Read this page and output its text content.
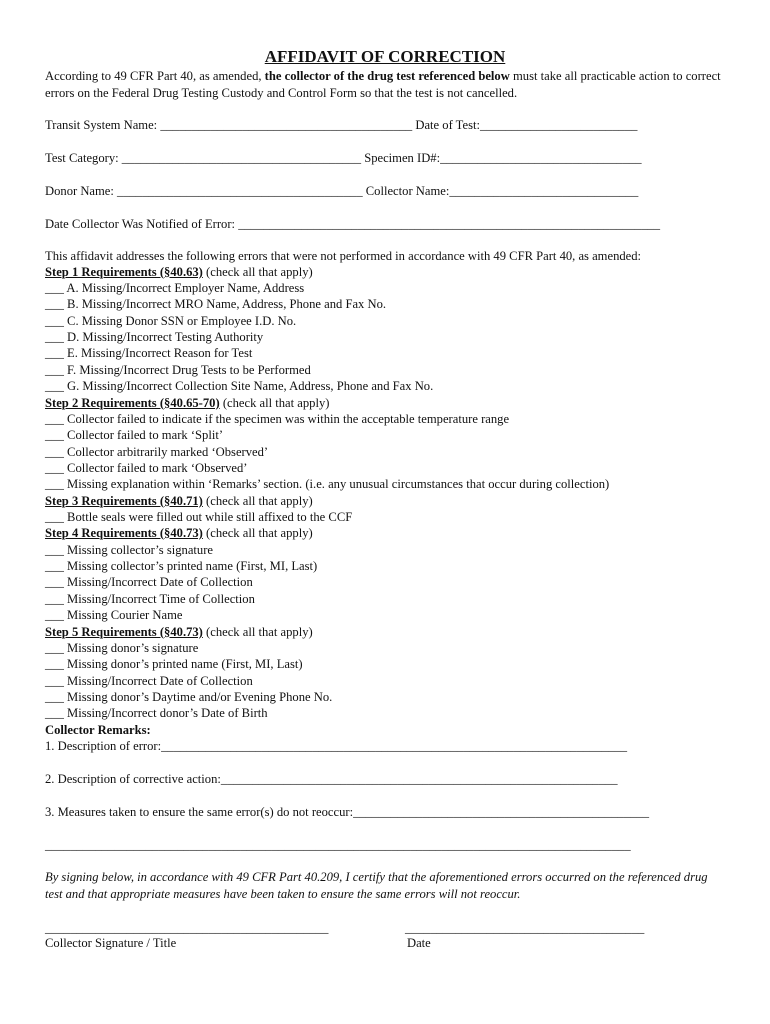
AFFIDAVIT OF CORRECTION
According to 49 CFR Part 40, as amended, the collector of the drug test referenced below must take all practicable action to correct errors on the Federal Drug Testing Custody and Control Form so that the test is not cancelled.
Transit System Name: ________________________________________ Date of Test:_________________________
Test Category: ______________________________________ Specimen ID#:________________________________
Donor Name: _______________________________________ Collector Name:______________________________
Date Collector Was Notified of Error: ___________________________________________________________________
This affidavit addresses the following errors that were not performed in accordance with 49 CFR Part 40, as amended:
Step 1 Requirements (§40.63) (check all that apply)
___ A. Missing/Incorrect Employer Name, Address
___ B. Missing/Incorrect MRO Name, Address, Phone and Fax No.
___ C. Missing Donor SSN or Employee I.D. No.
___ D. Missing/Incorrect Testing Authority
___ E. Missing/Incorrect Reason for Test
___ F. Missing/Incorrect Drug Tests to be Performed
___ G. Missing/Incorrect Collection Site Name, Address, Phone and Fax No.
Step 2 Requirements (§40.65-70) (check all that apply)
___ Collector failed to indicate if the specimen was within the acceptable temperature range
___ Collector failed to mark ‘Split’
___ Collector arbitrarily marked ‘Observed’
___ Collector failed to mark ‘Observed’
___ Missing explanation within ‘Remarks’ section. (i.e. any unusual circumstances that occur during collection)
Step 3 Requirements (§40.71) (check all that apply)
___ Bottle seals were filled out while still affixed to the CCF
Step 4 Requirements (§40.73) (check all that apply)
___ Missing collector’s signature
___ Missing collector’s printed name (First, MI, Last)
___ Missing/Incorrect Date of Collection
___ Missing/Incorrect Time of Collection
___ Missing Courier Name
Step 5 Requirements (§40.73) (check all that apply)
___ Missing donor’s signature
___ Missing donor’s printed name (First, MI, Last)
___ Missing/Incorrect Date of Collection
___ Missing donor’s Daytime and/or Evening Phone No.
___ Missing/Incorrect donor’s Date of Birth
Collector Remarks:
1. Description of error:__________________________________________________________________________
2. Description of corrective action:_______________________________________________________________
3. Measures taken to ensure the same error(s) do not reoccur:_______________________________________________
_____________________________________________________________________________________________
By signing below, in accordance with 49 CFR Part 40.209, I certify that the aforementioned errors occurred on the referenced drug test and that appropriate measures have been taken to ensure the same errors will not reoccur.
_____________________________________________
Collector Signature / Title
______________________________________
Date
